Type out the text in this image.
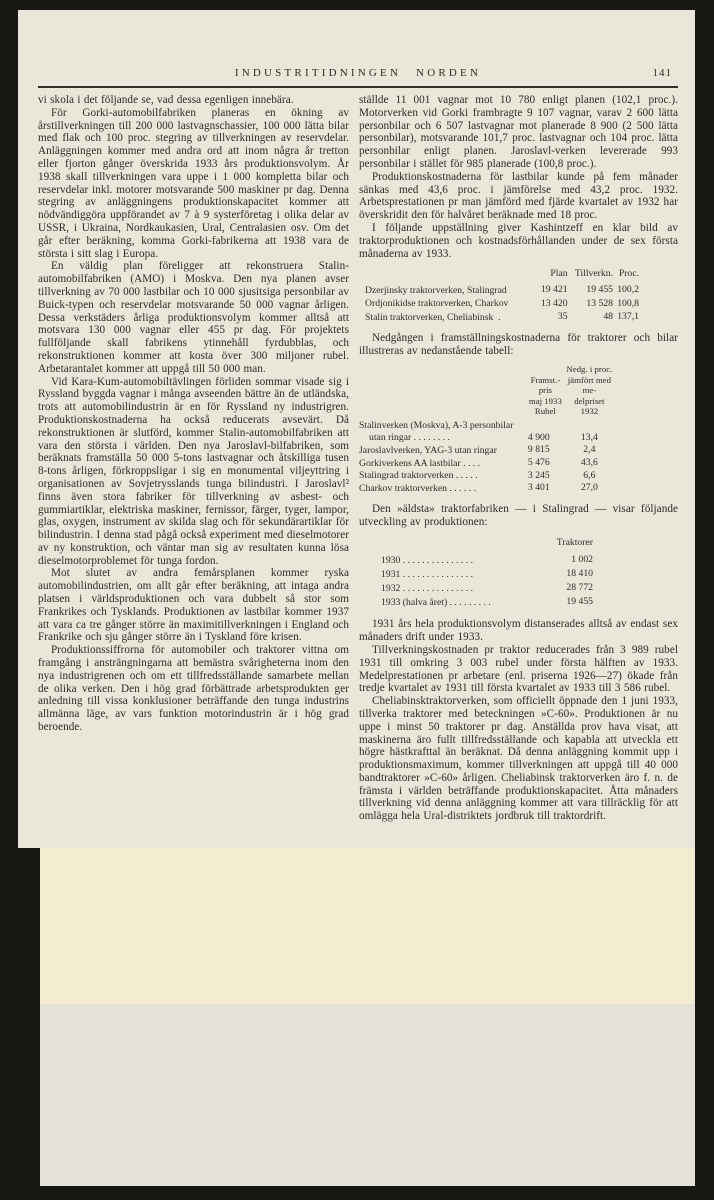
INDUSTRITIDNINGEN NORDEN	141

vi skola i det följande se, vad dessa egenligen innebära.

För Gorki-automobilfabriken planeras en ökning av årstillverkningen till 200 000 lastvagnschassier, 100 000 lätta bilar med flak och 100 proc. stegring av tillverkningen av reservdelar. Anläggningen kommer med andra ord att inom några år tretton eller fjorton gånger överskrida 1933 års produktionsvolym. År 1938 skall tillverkningen vara uppe i 1 000 kompletta bilar och reservdelar inkl. motorer motsvarande 500 maskiner pr dag. Denna stegring av anläggningens produktionskapacitet kommer att nödvändiggöra uppförandet av 7 à 9 systerföretag i olika delar av USSR, i Ukraina, Nordkaukasien, Ural, Centralasien osv. Om det går efter beräkning, komma Gorki-fabrikerna att 1938 vara de största i sitt slag i Europa.

En väldig plan föreligger att rekonstruera Stalin-automobilfabriken (AMO) i Moskva. Den nya planen avser tillverkning av 70 000 lastbilar och 10 000 sjusitsiga personbilar av Buick-typen och reservdelar motsvarande 50 000 vagnar årligen. Dessa verkstäders årliga produktionsvolym kommer alltså att motsvara 130 000 vagnar eller 455 pr dag. För projektets fullföljande skall fabrikens ytinnehåll fyrdubblas, och rekonstruktionen kommer att kosta över 300 miljoner rubel. Arbetarantalet kommer att uppgå till 50 000 man.

Vid Kara-Kum-automobiltävlingen förliden sommar visade sig i Ryssland byggda vagnar i många avseenden bättre än de utländska, trots att automobilindustrin är en för Ryssland ny industrigren. Produktionskostnaderna ha också reducerats avsevärt. Då rekonstruktionen är slutförd, kommer Stalin-automobilfabriken att vara den största i världen. Den nya Jaroslavl-bilfabriken, som beräknats framställa 50 000 5-tons lastvagnar och åtskilliga tusen 8-tons årligen, förkroppsligar i sig en monumental viljeyttring i organisationen av Sovjetrysslands tunga bilindustri. I Jaroslavl² finns även stora fabriker för tillverkning av asbest- och gummiartiklar, elektriska maskiner, fernissor, färger, tyger, lampor, glas, oxygen, instrument av skilda slag och för sekundärartiklar för bilindustrin. I denna stad pågå också experiment med dieselmotorer av ny konstruktion, och väntar man sig av resultaten kunna lösa dieselmotorproblemet för tunga fordon.

Mot slutet av andra femårsplanen kommer ryska automobilindustrien, om allt går efter beräkning, att intaga andra platsen i världsproduktionen och vara dubbelt så stor som Frankrikes och Tysklands. Produktionen av lastbilar kommer 1937 att vara ca tre gånger större än maximitillverkningen i England och Frankrike och sju gånger större än i Tyskland före krisen.

Produktionssiffrorna för automobiler och traktorer vittna om framgång i ansträngningarna att bemästra svårigheterna inom den nya industrigrenen och om ett tillfredsställande samarbete mellan de olika verken. Den i hög grad förbättrade arbetsprodukten ger anledning till vissa konklusioner beträffande den tunga industrins allmänna läge, av vars funktion motorindustrin är i hög grad beroende.

ställde 11 001 vagnar mot 10 780 enligt planen (102,1 proc.). Motorverken vid Gorki frambragte 9 107 vagnar, varav 2 600 lätta personbilar och 6 507 lastvagnar mot planerade 8 900 (2 500 lätta personbilar), motsvarande 101,7 proc. lastvagnar och 104 proc. lätta personbilar enligt planen. Jaroslavl-verken levererade 993 personbilar i stället för 985 planerade (100,8 proc.).

Produktionskostnaderna för lastbilar kunde på fem månader sänkas med 43,6 proc. i jämförelse med 43,2 proc. 1932. Arbetsprestationen pr man jämförd med fjärde kvartalet av 1932 har överskridit den för halvåret beräknade med 18 proc.

I följande uppställning giver Kashintzeff en klar bild av traktorproduktionen och kostnadsförhållanden under de sex första månaderna av 1933.

	Plan	Tillverkn.	Proc.
Dzerjinsky traktorverken, Stalingrad	19 421	19 455	100,2
Ordjonikidse traktorverken, Charkov	13 420	13 528	100,8
Stalin traktorverken, Cheliabinsk  .	35	48	137,1

Nedgången i framställningskostnaderna för traktorer och bilar illustreras av nedanstående tabell:

	Framst.-pris
maj 1933
Rubel	Nedg. i proc.
jämfört med me-
delpriset 1932
Stalinverken (Moskva), A-3 personbilar utan ringar . . . . . . . .	4 900	13,4
Jaroslavlverken, YAG-3 utan ringar	9 815	2,4
Gorkiverkens AA lastbilar . . . .	5 476	43,6
Stalingrad traktorverken . . . . .	3 245	6,6
Charkov traktorverken . . . . . .	3 401	27,0

Den »äldsta» traktorfabriken — i Stalingrad — visar följande utveckling av produktionen:

	Traktorer
1930 . . . . . . . . . . . . . . .	1 002
1931 . . . . . . . . . . . . . . .	18 410
1932 . . . . . . . . . . . . . . .	28 772
1933 (halva året) . . . . . . . . .	19 455

1931 års hela produktionsvolym distanserades alltså av endast sex månaders drift under 1933.

Tillverkningskostnaden pr traktor reducerades från 3 989 rubel 1931 till omkring 3 003 rubel under första hälften av 1933. Medelprestationen pr arbetare (enl. priserna 1926—27) ökade från tredje kvartalet av 1931 till första kvartalet av 1933 till 3 586 rubel.

Cheliabinsktraktorverken, som officiellt öppnade den 1 juni 1933, tillverka traktorer med beteckningen »C-60». Produktionen är nu uppe i minst 50 traktorer pr dag. Anställda prov hava visat, att maskinerna äro fullt tillfredsställande och kapabla att utveckla ett högre hästkrafttal än beräknat. Då denna anläggning kommit upp i produktionsmaximum, kommer tillverkningen att uppgå till 40 000 bandtraktorer »C-60» årligen. Cheliabinsk traktorverken äro f. n. de främsta i världen beträffande produktionskapacitet. Åtta månaders tillverkning vid denna anläggning kommer att vara tillräcklig för att omlägga hela Ural-distriktets jordbruk till traktordrift.
